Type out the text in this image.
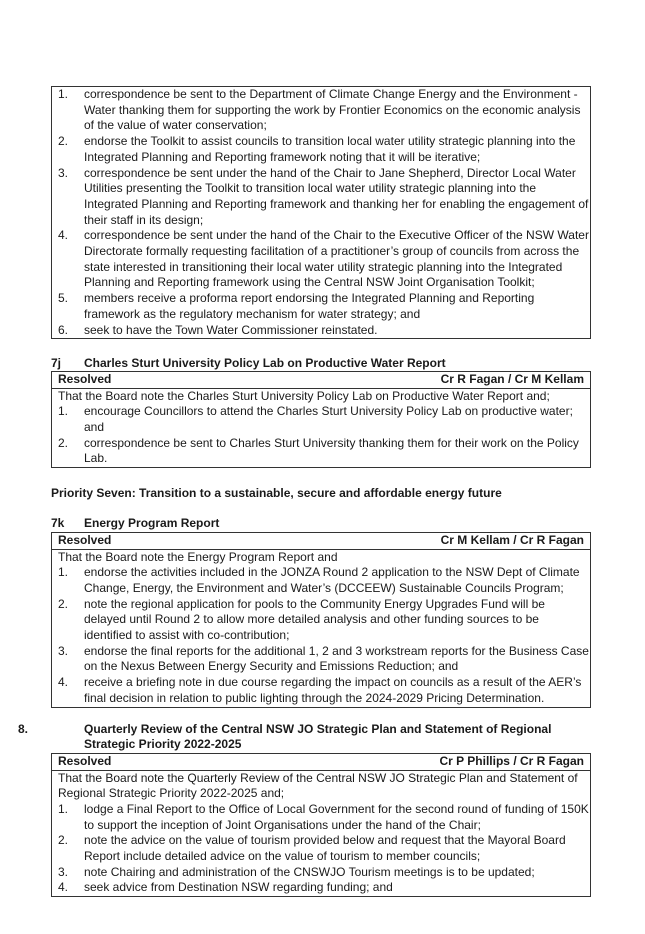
1. correspondence be sent to the Department of Climate Change Energy and the Environment - Water thanking them for supporting the work by Frontier Economics on the economic analysis of the value of water conservation;
2. endorse the Toolkit to assist councils to transition local water utility strategic planning into the Integrated Planning and Reporting framework noting that it will be iterative;
3. correspondence be sent under the hand of the Chair to Jane Shepherd, Director Local Water Utilities presenting the Toolkit to transition local water utility strategic planning into the Integrated Planning and Reporting framework and thanking her for enabling the engagement of their staff in its design;
4. correspondence be sent under the hand of the Chair to the Executive Officer of the NSW Water Directorate formally requesting facilitation of a practitioner’s group of councils from across the state interested in transitioning their local water utility strategic planning into the Integrated Planning and Reporting framework using the Central NSW Joint Organisation Toolkit;
5. members receive a proforma report endorsing the Integrated Planning and Reporting framework as the regulatory mechanism for water strategy; and
6. seek to have the Town Water Commissioner reinstated.
7j Charles Sturt University Policy Lab on Productive Water Report
Resolved	Cr R Fagan / Cr M Kellam
That the Board note the Charles Sturt University Policy Lab on Productive Water Report and;
1. encourage Councillors to attend the Charles Sturt University Policy Lab on productive water; and
2. correspondence be sent to Charles Sturt University thanking them for their work on the Policy Lab.
Priority Seven: Transition to a sustainable, secure and affordable energy future
7k Energy Program Report
Resolved	Cr M Kellam / Cr R Fagan
That the Board note the Energy Program Report and
1. endorse the activities included in the JONZA Round 2 application to the NSW Dept of Climate Change, Energy, the Environment and Water’s (DCCEEW) Sustainable Councils Program;
2. note the regional application for pools to the Community Energy Upgrades Fund will be delayed until Round 2 to allow more detailed analysis and other funding sources to be identified to assist with co-contribution;
3. endorse the final reports for the additional 1, 2 and 3 workstream reports for the Business Case on the Nexus Between Energy Security and Emissions Reduction; and
4. receive a briefing note in due course regarding the impact on councils as a result of the AER’s final decision in relation to public lighting through the 2024-2029 Pricing Determination.
8.	Quarterly Review of the Central NSW JO Strategic Plan and Statement of Regional Strategic Priority 2022-2025
Resolved	Cr P Phillips / Cr R Fagan
That the Board note the Quarterly Review of the Central NSW JO Strategic Plan and Statement of Regional Strategic Priority 2022-2025 and;
1. lodge a Final Report to the Office of Local Government for the second round of funding of 150K to support the inception of Joint Organisations under the hand of the Chair;
2. note the advice on the value of tourism provided below and request that the Mayoral Board Report include detailed advice on the value of tourism to member councils;
3. note Chairing and administration of the CNSWJO Tourism meetings is to be updated;
4. seek advice from Destination NSW regarding funding; and
